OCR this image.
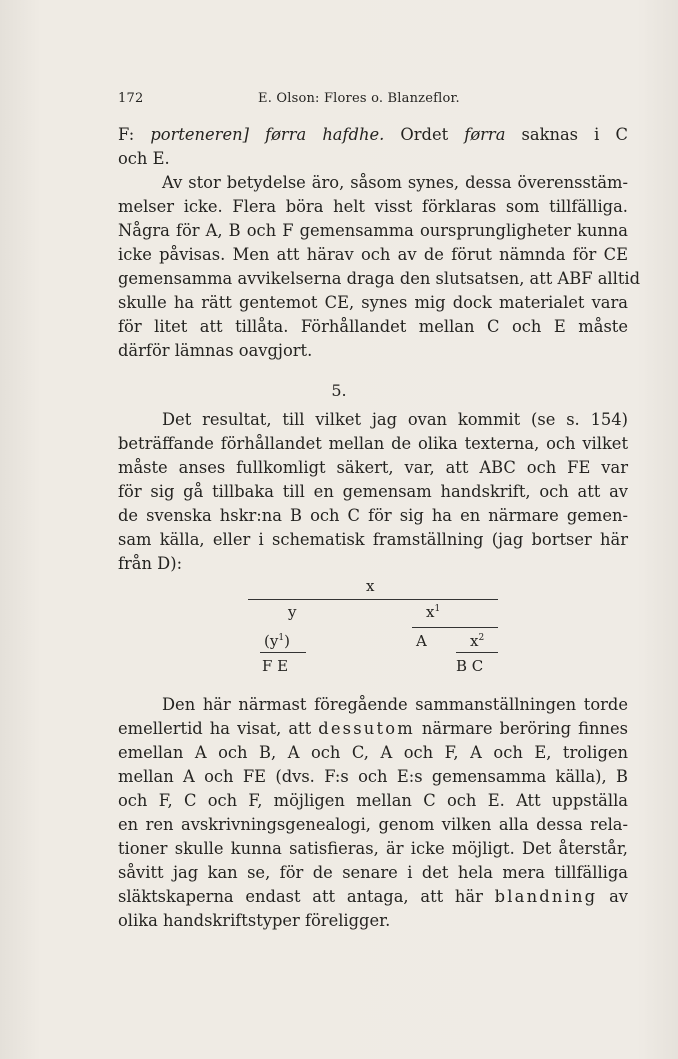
172	E. Olson: Flores o. Blanzeflor.
F: porteneren] førra hafdhe. Ordet førra saknas i C
och E.
Av stor betydelse äro, såsom synes, dessa överensstäm-
melser icke. Flera böra helt visst förklaras som tillfälliga.
Några för A, B och F gemensamma oursprungligheter kunna
icke påvisas. Men att härav och av de förut nämnda för CE
gemensamma avvikelserna draga den slutsatsen, att ABF alltid
skulle ha rätt gentemot CE, synes mig dock materialet vara
för litet att tillåta. Förhållandet mellan C och E måste
därför lämnas oavgjort.
5.
Det resultat, till vilket jag ovan kommit (se s. 154)
beträffande förhållandet mellan de olika texterna, och vilket
måste anses fullkomligt säkert, var, att ABC och FE var
för sig gå tillbaka till en gemensam handskrift, och att av
de svenska hskr:na B och C för sig ha en närmare gemen-
sam källa, eller i schematisk framställning (jag bortser här
från D):
x
y	$x^1$
$(y^1)$	A	$x^2$
F E	B C
Den här närmast föregående sammanställningen torde
emellertid ha visat, att dessutom närmare beröring finnes
emellan A och B, A och C, A och F, A och E, troligen
mellan A och FE (dvs. F:s och E:s gemensamma källa), B
och F, C och F, möjligen mellan C och E. Att uppställa
en ren avskrivningsgenealogi, genom vilken alla dessa rela-
tioner skulle kunna satisfieras, är icke möjligt. Det återstår,
såvitt jag kan se, för de senare i det hela mera tillfälliga
släktskaperna endast att antaga, att här blandning av
olika handskriftstyper föreligger.
